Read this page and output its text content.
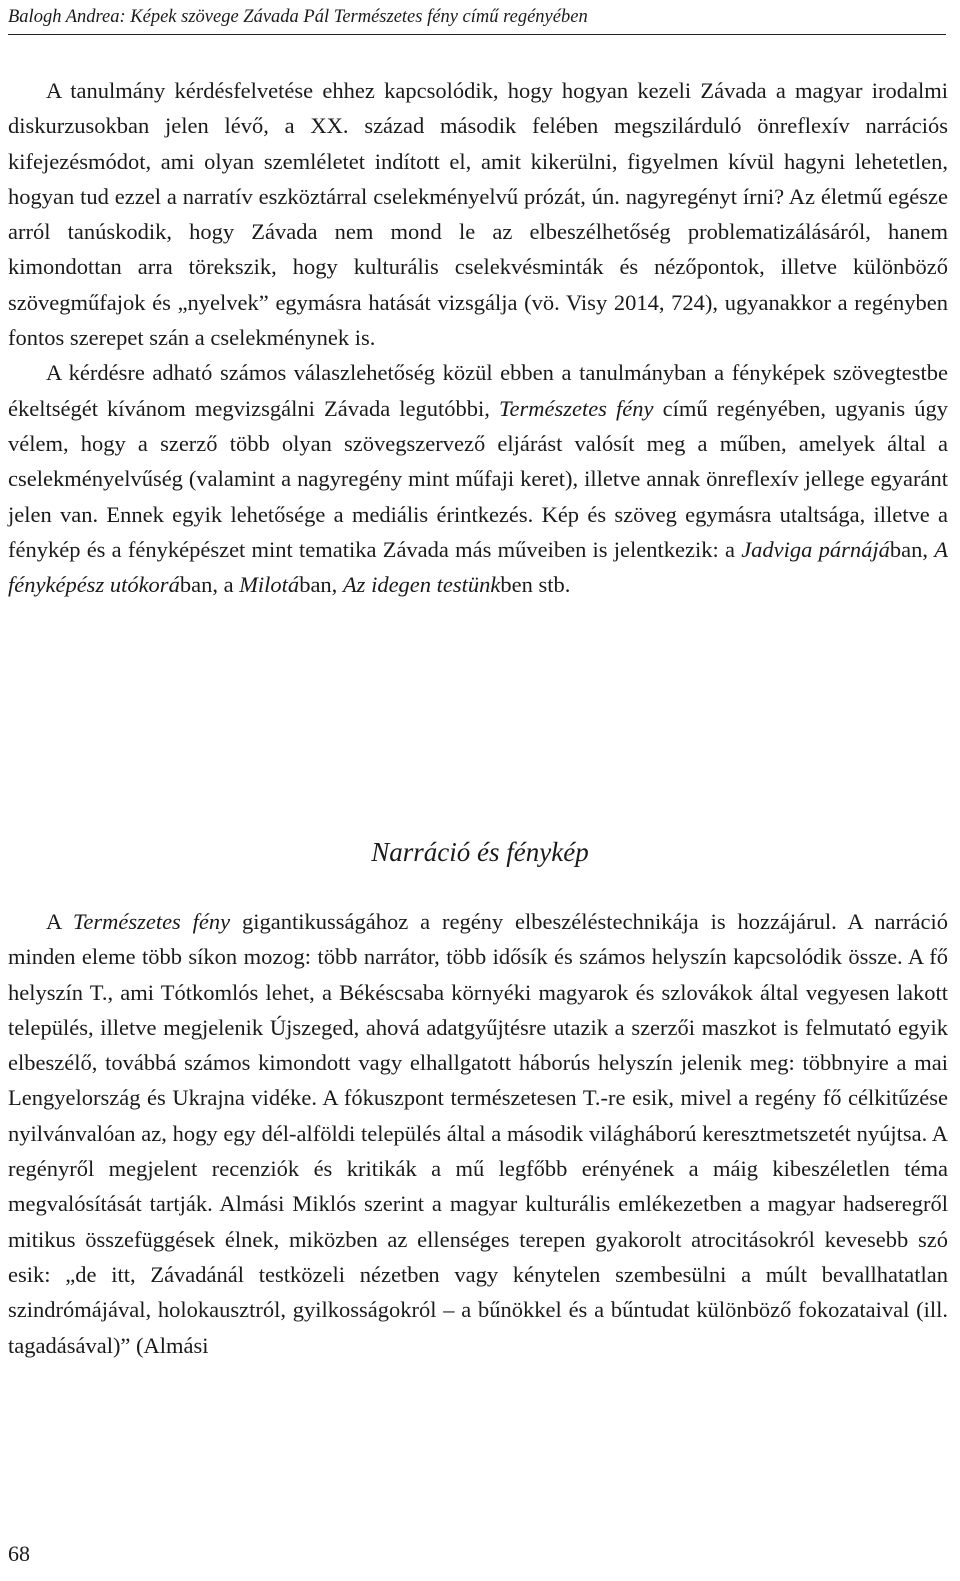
Balogh Andrea: Képek szövege Závada Pál Természetes fény című regényében

A tanulmány kérdésfelvetése ehhez kapcsolódik, hogy hogyan kezeli Závada a magyar irodalmi diskurzusokban jelen lévő, a XX. század második felében megszilárduló önreflexív narrációs kifejezésmódot, ami olyan szemléletet indított el, amit kikerülni, figyelmen kívül hagyni lehetetlen, hogyan tud ezzel a narratív eszköztárral cselekményelvű prózát, ún. nagyregényt írni? Az életmű egésze arról tanúskodik, hogy Závada nem mond le az elbeszélhetőség problematizálásáról, hanem kimondottan arra törekszik, hogy kulturális cselekvésminták és nézőpontok, illetve különböző szövegműfajok és „nyelvek” egymásra hatását vizsgálja (vö. Visy 2014, 724), ugyanakkor a regényben fontos szerepet szán a cselekménynek is.

A kérdésre adható számos válaszlehetőség közül ebben a tanulmányban a fényképek szövegtestbe ékeltségét kívánom megvizsgálni Závada legutóbbi, Természetes fény című regényében, ugyanis úgy vélem, hogy a szerző több olyan szövegszervező eljárást valósít meg a műben, amelyek által a cselekményelvűség (valamint a nagyregény mint műfaji keret), illetve annak önreflexív jellege egyaránt jelen van. Ennek egyik lehetősége a mediális érintkezés. Kép és szöveg egymásra utaltsága, illetve a fénykép és a fényképészet mint tematika Závada más műveiben is jelentkezik: a Jadviga párnájában, A fényképész utókorában, a Milotában, Az idegen testünkben stb.

Narráció és fénykép

A Természetes fény gigantikusságához a regény elbeszéléstechnikája is hozzájárul. A narráció minden eleme több síkon mozog: több narrátor, több idősík és számos helyszín kapcsolódik össze. A fő helyszín T., ami Tótkomlós lehet, a Békéscsaba környéki magyarok és szlovákok által vegyesen lakott település, illetve megjelenik Újszeged, ahová adatgyűjtésre utazik a szerzői maszkot is felmutató egyik elbeszélő, továbbá számos kimondott vagy elhallgatott háborús helyszín jelenik meg: többnyire a mai Lengyelország és Ukrajna vidéke. A fókuszpont természetesen T.-re esik, mivel a regény fő célkitűzése nyilvánvalóan az, hogy egy dél-alföldi település által a második világháború keresztmetszetét nyújtsa. A regényről megjelent recenziók és kritikák a mű legfőbb erényének a máig kibeszéletlen téma megvalósítását tartják. Almási Miklós szerint a magyar kulturális emlékezetben a magyar hadseregről mitikus összefüggések élnek, miközben az ellenséges terepen gyakorolt atrocitásokról kevesebb szó esik: „de itt, Závadánál testközeli nézetben vagy kénytelen szembesülni a múlt bevallhatatlan szindrómájával, holokausztról, gyilkosságokról – a bűnökkel és a bűntudat különböző fokozataival (ill. tagadásával)” (Almási

68
